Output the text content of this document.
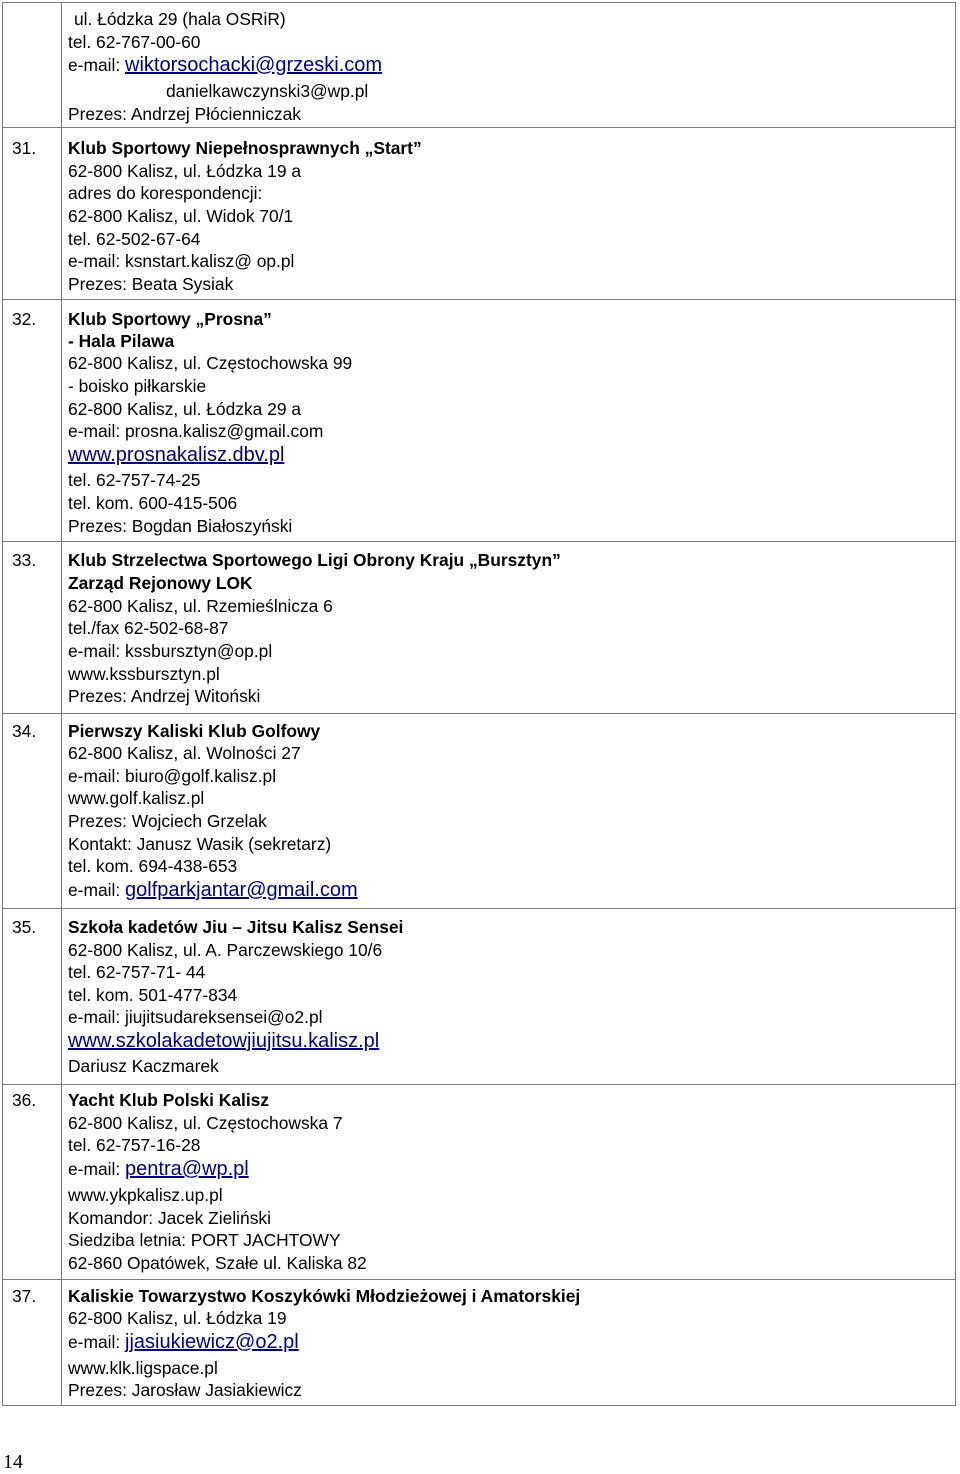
ul. Łódzka 29 (hala OSRiR)
tel. 62-767-00-60
e-mail: wiktorsochacki@grzeski.com
danielkawczynski3@wp.pl
Prezes: Andrzej Płócienniczak
31. Klub Sportowy Niepełnosprawnych „Start”
62-800 Kalisz, ul. Łódzka 19 a
adres do korespondencji:
62-800 Kalisz, ul. Widok 70/1
tel. 62-502-67-64
e-mail: ksnstart.kalisz@ op.pl
Prezes: Beata Sysiak
32. Klub Sportowy „Prosna”
- Hala Pilawa
62-800 Kalisz, ul. Częstochowska 99
- boisko piłkarskie
62-800 Kalisz, ul. Łódzka 29 a
e-mail: prosna.kalisz@gmail.com
www.prosnakalisz.dbv.pl
tel. 62-757-74-25
tel. kom. 600-415-506
Prezes: Bogdan Białoszyński
33. Klub Strzelectwa Sportowego Ligi Obrony Kraju „Bursztyn”
Zarząd Rejonowy LOK
62-800 Kalisz, ul. Rzemieślnicza 6
tel./fax 62-502-68-87
e-mail: kssbursztyn@op.pl
www.kssbursztyn.pl
Prezes: Andrzej Witoński
34. Pierwszy Kaliski Klub Golfowy
62-800 Kalisz, al. Wolności 27
e-mail: biuro@golf.kalisz.pl
www.golf.kalisz.pl
Prezes: Wojciech Grzelak
Kontakt: Janusz Wasik (sekretarz)
tel. kom. 694-438-653
e-mail: golfparkjantar@gmail.com
35. Szkoła kadetów Jiu – Jitsu Kalisz Sensei
62-800 Kalisz, ul. A. Parczewskiego 10/6
tel. 62-757-71- 44
tel. kom. 501-477-834
e-mail: jiujitsudareksensei@o2.pl
www.szkolakadetowjiujitsu.kalisz.pl
Dariusz Kaczmarek
36. Yacht Klub Polski Kalisz
62-800 Kalisz, ul. Częstochowska 7
tel. 62-757-16-28
e-mail: pentra@wp.pl
www.ykpkalisz.up.pl
Komandor: Jacek Zieliński
Siedziba letnia: PORT JACHTOWY
62-860 Opatówek, Szałe ul. Kaliska 82
37. Kaliskie Towarzystwo Koszykówki Młodzieżowej i Amatorskiej
62-800 Kalisz, ul. Łódzka 19
e-mail: jjasiukiewicz@o2.pl
www.klk.ligspace.pl
Prezes: Jarosław Jasiakiewicz
14
